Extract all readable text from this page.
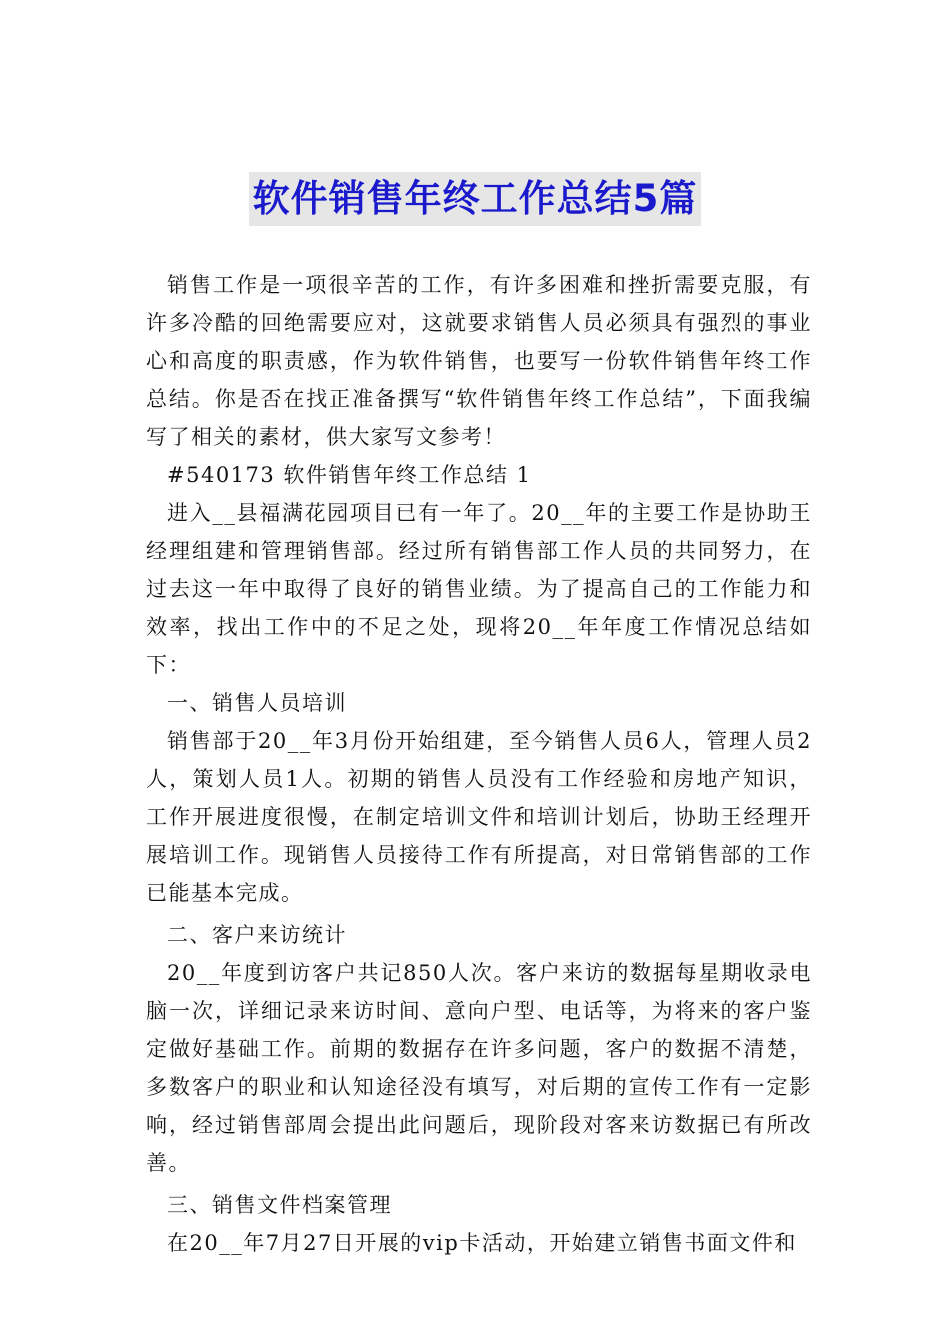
软件销售年终工作总结5篇

销售工作是一项很辛苦的工作，有许多困难和挫折需要克服，有许多冷酷的回绝需要应对，这就要求销售人员必须具有强烈的事业心和高度的职责感，作为软件销售，也要写一份软件销售年终工作总结。你是否在找正准备撰写“软件销售年终工作总结”，下面我编写了相关的素材，供大家写文参考！

#540173 软件销售年终工作总结 1

进入__县福满花园项目已有一年了。20__年的主要工作是协助王经理组建和管理销售部。经过所有销售部工作人员的共同努力，在过去这一年中取得了良好的销售业绩。为了提高自己的工作能力和效率，找出工作中的不足之处，现将20__年年度工作情况总结如下：

一、销售人员培训

销售部于20__年3月份开始组建，至今销售人员6人，管理人员2人，策划人员1人。初期的销售人员没有工作经验和房地产知识，工作开展进度很慢，在制定培训文件和培训计划后，协助王经理开展培训工作。现销售人员接待工作有所提高，对日常销售部的工作已能基本完成。

二、客户来访统计

20__年度到访客户共记850人次。客户来访的数据每星期收录电脑一次，详细记录来访时间、意向户型、电话等，为将来的客户鉴定做好基础工作。前期的数据存在许多问题，客户的数据不清楚，多数客户的职业和认知途径没有填写，对后期的宣传工作有一定影响，经过销售部周会提出此问题后，现阶段对客来访数据已有所改善。

三、销售文件档案管理

在20__年7月27日开展的vip卡活动，开始建立销售书面文件和
